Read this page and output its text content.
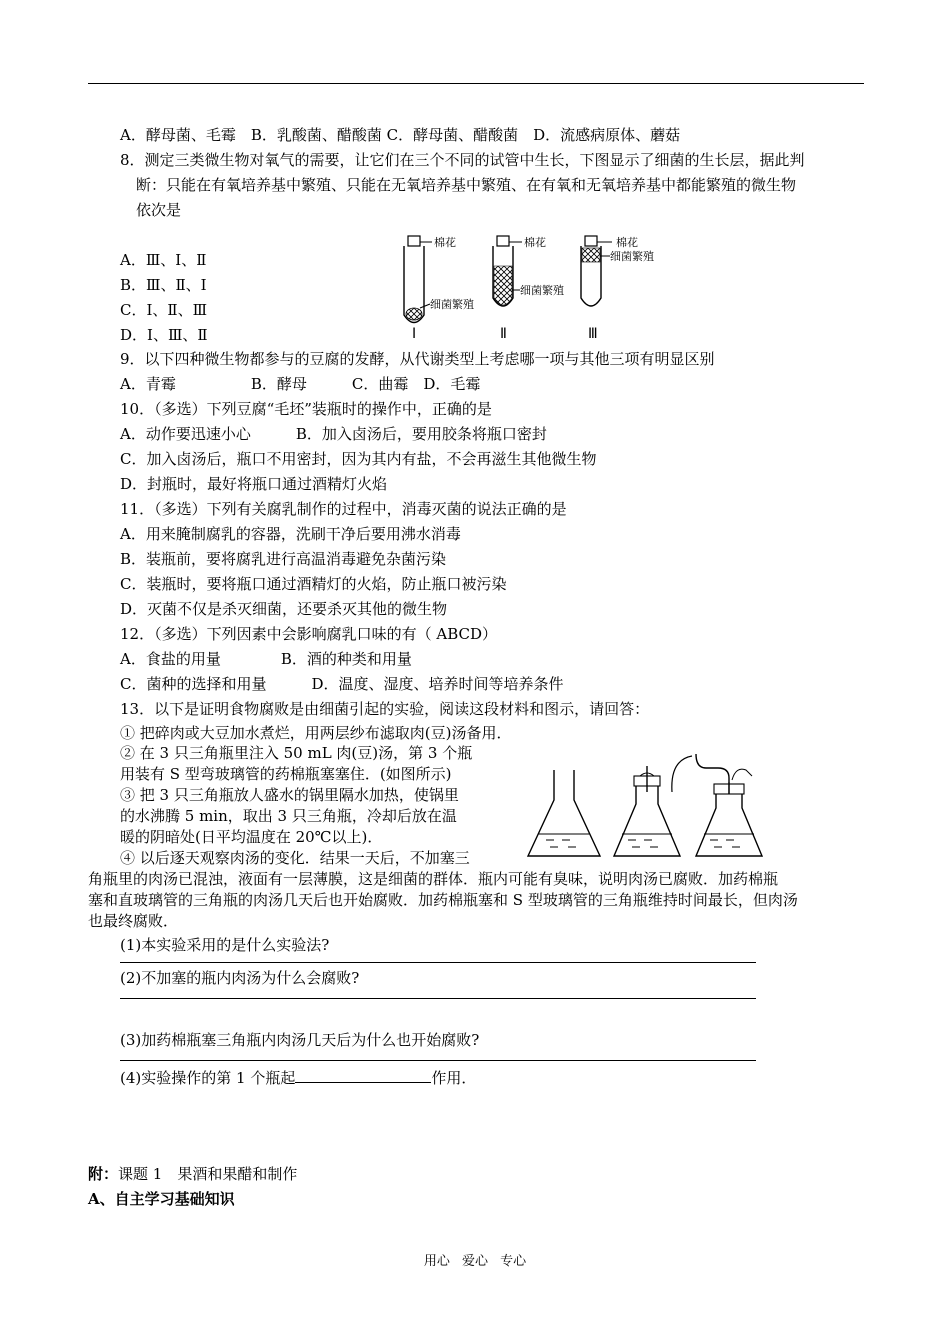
A．酵母菌、毛霉　B．乳酸菌、醋酸菌 C．酵母菌、醋酸菌　D．流感病原体、蘑菇
8．测定三类微生物对氧气的需要，让它们在三个不同的试管中生长，下图显示了细菌的生长层，据此判
断：只能在有氧培养基中繁殖、只能在无氧培养基中繁殖、在有氧和无氧培养基中都能繁殖的微生物
依次是
A．Ⅲ、Ⅰ、Ⅱ
B．Ⅲ、Ⅱ、Ⅰ
C．Ⅰ、Ⅱ、Ⅲ
D．Ⅰ、Ⅲ、Ⅱ
棉花
细菌繁殖
Ⅰ
棉花
细菌繁殖
Ⅱ
棉花
细菌繁殖
Ⅲ
9．以下四种微生物都参与的豆腐的发酵，从代谢类型上考虑哪一项与其他三项有明显区别
A．青霉　　　　　B．酵母　　　C．曲霉　D．毛霉
10．（多选）下列豆腐“毛坯”装瓶时的操作中，正确的是
A．动作要迅速小心　　　B．加入卤汤后，要用胶条将瓶口密封
C．加入卤汤后，瓶口不用密封，因为其内有盐，不会再滋生其他微生物
D．封瓶时，最好将瓶口通过酒精灯火焰
11．（多选）下列有关腐乳制作的过程中，消毒灭菌的说法正确的是
A．用来腌制腐乳的容器，洗刷干净后要用沸水消毒
B．装瓶前，要将腐乳进行高温消毒避免杂菌污染
C．装瓶时，要将瓶口通过酒精灯的火焰，防止瓶口被污染
D．灭菌不仅是杀灭细菌，还要杀灭其他的微生物
12．（多选）下列因素中会影响腐乳口味的有（ ABCD）
A．食盐的用量　　　　B．酒的种类和用量
C．菌种的选择和用量　　　D．温度、湿度、培养时间等培养条件
13．以下是证明食物腐败是由细菌引起的实验，阅读这段材料和图示，请回答：
① 把碎肉或大豆加水煮烂，用两层纱布滤取肉(豆)汤备用．
② 在 3 只三角瓶里注入 50 mL 肉(豆)汤，第 3 个瓶
用装有 S 型弯玻璃管的药棉瓶塞塞住．(如图所示)
③ 把 3 只三角瓶放人盛水的锅里隔水加热，使锅里
的水沸腾 5 min，取出 3 只三角瓶，冷却后放在温
暖的阴暗处(日平均温度在 20℃以上)．
④ 以后逐天观察肉汤的变化．结果一天后，不加塞三
角瓶里的肉汤已混浊，液面有一层薄膜，这是细菌的群体．瓶内可能有臭味，说明肉汤已腐败．加药棉瓶
塞和直玻璃管的三角瓶的肉汤几天后也开始腐败．加药棉瓶塞和 S 型玻璃管的三角瓶维持时间最长，但肉汤
也最终腐败．
(1)本实验采用的是什么实验法?
(2)不加塞的瓶内肉汤为什么会腐败?
(3)加药棉瓶塞三角瓶内肉汤几天后为什么也开始腐败?
(4)实验操作的第 1 个瓶起	作用．
附：课题 1　果酒和果醋和制作
A、自主学习基础知识
用心 爱心 专心
